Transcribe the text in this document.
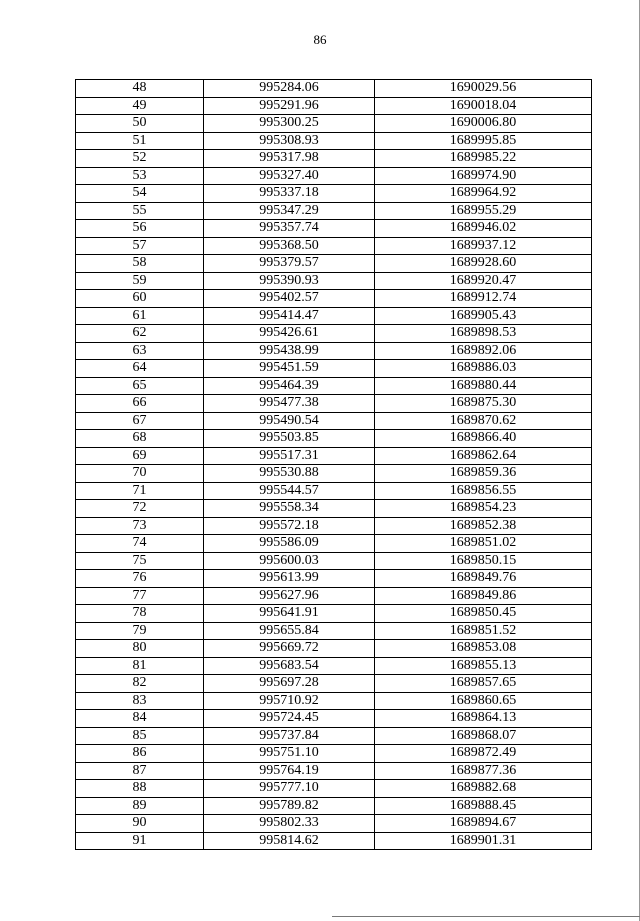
86
48	995284.06	1690029.56
49	995291.96	1690018.04
50	995300.25	1690006.80
51	995308.93	1689995.85
52	995317.98	1689985.22
53	995327.40	1689974.90
54	995337.18	1689964.92
55	995347.29	1689955.29
56	995357.74	1689946.02
57	995368.50	1689937.12
58	995379.57	1689928.60
59	995390.93	1689920.47
60	995402.57	1689912.74
61	995414.47	1689905.43
62	995426.61	1689898.53
63	995438.99	1689892.06
64	995451.59	1689886.03
65	995464.39	1689880.44
66	995477.38	1689875.30
67	995490.54	1689870.62
68	995503.85	1689866.40
69	995517.31	1689862.64
70	995530.88	1689859.36
71	995544.57	1689856.55
72	995558.34	1689854.23
73	995572.18	1689852.38
74	995586.09	1689851.02
75	995600.03	1689850.15
76	995613.99	1689849.76
77	995627.96	1689849.86
78	995641.91	1689850.45
79	995655.84	1689851.52
80	995669.72	1689853.08
81	995683.54	1689855.13
82	995697.28	1689857.65
83	995710.92	1689860.65
84	995724.45	1689864.13
85	995737.84	1689868.07
86	995751.10	1689872.49
87	995764.19	1689877.36
88	995777.10	1689882.68
89	995789.82	1689888.45
90	995802.33	1689894.67
91	995814.62	1689901.31
